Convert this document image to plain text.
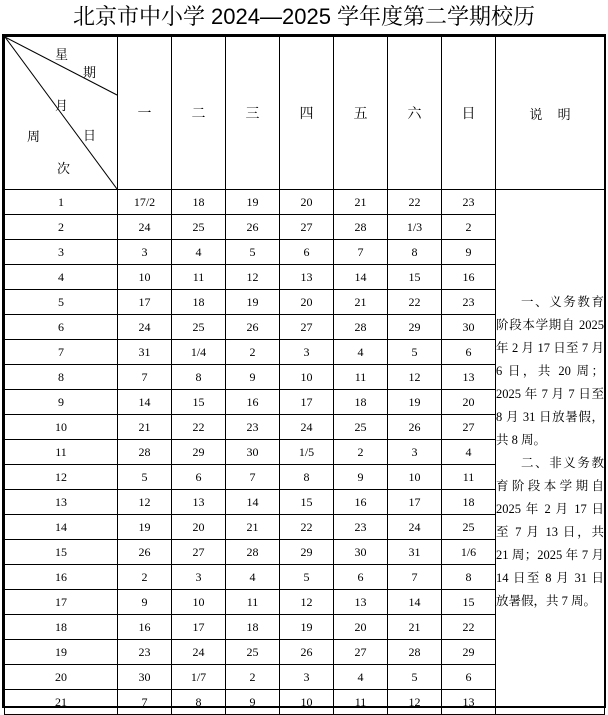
北京市中小学 2024—2025 学年度第二学期校历
星
期
月
日
周
次
	一	二	三	四	五	六	日	说 明
1	17/2	18	19	20	21	22	23	一、义务教育阶段本学期自 2025 年 2 月 17 日至 7 月 6 日，共 20 周；2025 年 7 月 7 日至 8 月 31 日放暑假，共 8 周。

二、非义务教育阶段本学期自 2025 年 2 月 17 日至 7 月 13 日，共 21 周；2025 年 7 月 14 日至 8 月 31 日放暑假，共 7 周。

2	24	25	26	27	28	1/3	2	
3	3	4	5	6	7	8	9	
4	10	11	12	13	14	15	16	
5	17	18	19	20	21	22	23	
6	24	25	26	27	28	29	30	
7	31	1/4	2	3	4	5	6	
8	7	8	9	10	11	12	13	
9	14	15	16	17	18	19	20	
10	21	22	23	24	25	26	27	
11	28	29	30	1/5	2	3	4	
12	5	6	7	8	9	10	11	
13	12	13	14	15	16	17	18	
14	19	20	21	22	23	24	25	
15	26	27	28	29	30	31	1/6	
16	2	3	4	5	6	7	8	
17	9	10	11	12	13	14	15	
18	16	17	18	19	20	21	22	
19	23	24	25	26	27	28	29	
20	30	1/7	2	3	4	5	6	
21	7	8	9	10	11	12	13	
